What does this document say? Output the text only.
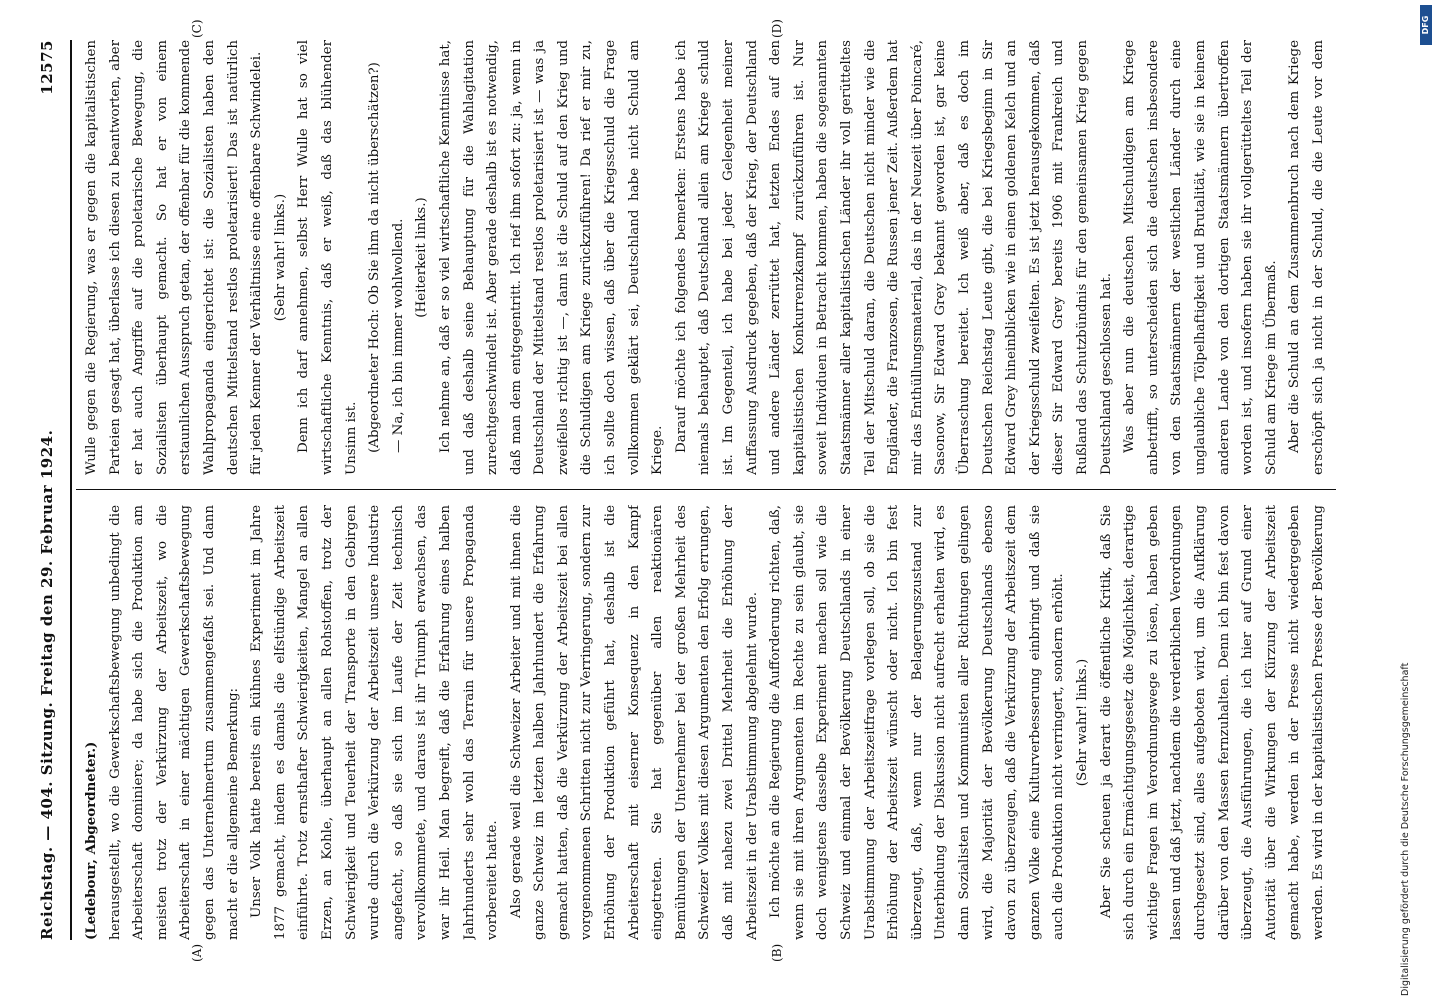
Reichstag. — 404. Sitzung. Freitag den 29. Februar 1924.
12575
(A)	(B)
(C)	(D)

(Ledebour, Abgeordneter.) herausgestellt, wo die Gewerkschaftsbewegung unbedingt die Arbeiterschaft dominiere; da habe sich die Produktion am meisten trotz der Verkürzung der Arbeitszeit, wo die Arbeiterschaft in einer mächtigen Gewerkschaftsbewegung gegen das Unternehmertum zusammengefaßt sei. Und dann macht er die allgemeine Bemerkung: Unser Volk hatte bereits ein kühnes Experiment im Jahre 1877 gemacht, indem es damals die elfstündige Arbeitszeit einführte. Trotz ernsthafter Schwierigkeiten, Mangel an allen Erzen, an Kohle, überhaupt an allen Rohstoffen, trotz der Schwierigkeit und Teuerheit der Transporte in den Gebirgen wurde durch die Verkürzung der Arbeitszeit unsere Industrie angefacht, so daß sie sich im Laufe der Zeit technisch vervollkommnete, und daraus ist ihr Triumph erwachsen, das war ihr Heil. Man begreift, daß die Erfahrung eines halben Jahrhunderts sehr wohl das Terrain für unsere Propaganda vorbereitet hatte. Also gerade weil die Schweizer Arbeiter und mit ihnen die ganze Schweiz im letzten halben Jahrhundert die Erfahrung gemacht hatten, daß die Verkürzung der Arbeitszeit bei allen vorgenommenen Schritten nicht zur Verringerung, sondern zur Erhöhung der Produktion geführt hat, deshalb ist die Arbeiterschaft mit eiserner Konsequenz in den Kampf eingetreten. Sie hat gegenüber allen reaktionären Bemühungen der Unternehmer bei der großen Mehrheit des Schweizer Volkes mit diesen Argumenten den Erfolg errungen, daß mit nahezu zwei Drittel Mehrheit die Erhöhung der Arbeitszeit in der Urabstimmung abgelehnt wurde. Ich möchte an die Regierung die Aufforderung richten, daß, wenn sie mit ihren Argumenten im Rechte zu sein glaubt, sie doch wenigstens dasselbe Experiment machen soll wie die Schweiz und einmal der Bevölkerung Deutschlands in einer Urabstimmung der Arbeitszeitfrage vorlegen soll, ob sie die Erhöhung der Arbeitszeit wünscht oder nicht. Ich bin fest überzeugt, daß, wenn nur der Belagerungszustand zur Unterbindung der Diskussion nicht aufrecht erhalten wird, es dann Sozialisten und Kommunisten aller Richtungen gelingen wird, die Majorität der Bevölkerung Deutschlands ebenso davon zu überzeugen, daß die Verkürzung der Arbeitszeit dem ganzen Volke eine Kulturverbesserung einbringt und daß sie auch die Produktion nicht verringert, sondern erhöht. (Sehr wahr! links.)

Aber Sie scheuen ja derart die öffentliche Kritik, daß Sie sich durch ein Ermächtigungsgesetz die Möglichkeit, derartige wichtige Fragen im Verordnungswege zu lösen, haben geben lassen und daß jetzt, nachdem die verderblichen Verordnungen durchgesetzt sind, alles aufgeboten wird, um die Aufklärung darüber von den Massen fernzuhalten. Denn ich bin fest davon überzeugt, die Ausführungen, die ich hier auf Grund einer Autorität über die Wirkungen der Kürzung der Arbeitszeit gemacht habe, werden in der Presse nicht wiedergegeben werden. Es wird in der kapitalistischen Presse der Bevölkerung

Wulle gegen die Regierung, was er gegen die kapitalistischen Parteien gesagt hat, überlasse ich diesen zu beantworten, aber er hat auch Angriffe auf die proletarische Bewegung, die Sozialisten überhaupt gemacht. So hat er von einem erstaunlichen Ausspruch getan, der offenbar für die kommende Wahlpropaganda eingerichtet ist: die Sozialisten haben den deutschen Mittelstand restlos proletarisiert! Das ist natürlich für jeden Kenner der Verhältnisse eine offenbare Schwindelei. (Sehr wahr! links.) Denn ich darf annehmen, selbst Herr Wulle hat so viel wirtschaftliche Kenntnis, daß er weiß, daß das blühender Unsinn ist. (Abgeordneter Hoch: Ob Sie ihm da nicht überschätzen?) — Na, ich bin immer wohlwollend. (Heiterkeit links.) Ich nehme an, daß er so viel wirtschaftliche Kenntnisse hat, und daß deshalb seine Behauptung für die Wahlagitation zurechtgeschwindelt ist. Aber gerade deshalb ist es notwendig, daß man dem entgegentritt. Ich rief ihm sofort zu: ja, wenn in Deutschland der Mittelstand restlos proletarisiert ist — was ja zweifellos richtig ist —, dann ist die Schuld auf den Krieg und die Schuldigen am Kriege zurückzuführen! Da rief er mir zu, ich sollte doch wissen, daß über die Kriegsschuld die Frage vollkommen geklärt sei, Deutschland habe nicht Schuld am Kriege. Darauf möchte ich folgendes bemerken: Erstens habe ich niemals behauptet, daß Deutschland allein am Kriege schuld ist. Im Gegenteil, ich habe bei jeder Gelegenheit meiner Auffassung Ausdruck gegeben, daß der Krieg, der Deutschland und andere Länder zerrüttet hat, letzten Endes auf den kapitalistischen Konkurrenzkampf zurückzuführen ist. Nur soweit Individuen in Betracht kommen, haben die sogenannten Staatsmänner aller kapitalistischen Länder ihr voll gerütteltes Teil der Mitschuld daran, die Deutschen nicht minder wie die Engländer, die Franzosen, die Russen jener Zeit. Außerdem hat mir das Enthüllungsmaterial, das in der Neuzeit über Poincaré, Sasonow, Sir Edward Grey bekannt geworden ist, gar keine Überraschung bereitet. Ich weiß aber, daß es doch im Deutschen Reichstag Leute gibt, die bei Kriegsbeginn in Sir Edward Grey hineinblicken wie in einen goldenen Kelch und an der Kriegsschuld zweifelten. Es ist jetzt herausgekommen, daß dieser Sir Edward Grey bereits 1906 mit Frankreich und Rußland das Schutzbündnis für den gemeinsamen Krieg gegen Deutschland geschlossen hat. Was aber nun die deutschen Mitschuldigen am Kriege anbetrifft, so unterscheiden sich die deutschen insbesondere von den Staatsmännern der westlichen Länder durch eine unglaubliche Tölpelhaftigkeit und Brutalität, wie sie in keinem anderen Lande von den dortigen Staatsmännern übertroffen worden ist, und insofern haben sie ihr vollgerütteltes Teil der Schuld am Kriege im Übermaß. Aber die Schuld an dem Zusammenbruch nach dem Kriege erschöpft sich ja nicht in der Schuld, die die Leute vor dem

Digitalisierung gefördert durch die Deutsche Forschungsgemeinschaft
DFG
